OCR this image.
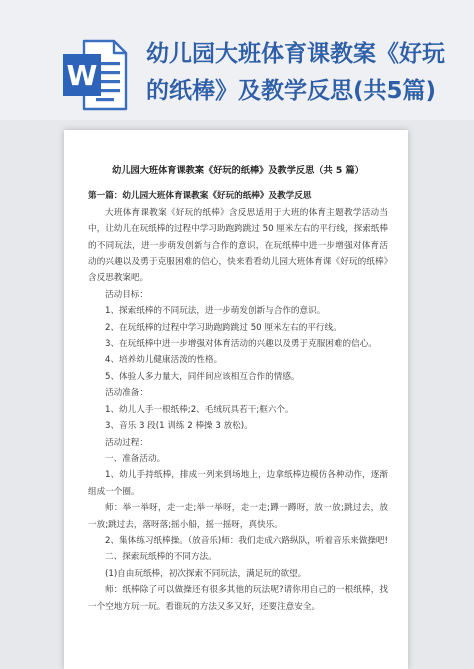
W
幼儿园大班体育课教案《好玩
的纸棒》及教学反思(共5篇)

幼儿园大班体育课教案《好玩的纸棒》及教学反思（共 5 篇）

第一篇：幼儿园大班体育课教案《好玩的纸棒》及教学反思

大班体育课教案《好玩的纸棒》含反思适用于大班的体育主题教学活动当中，让幼儿在玩纸棒的过程中学习助跑跨跳过 50 厘米左右的平行线，探索纸棒的不同玩法，进一步萌发创新与合作的意识，在玩纸棒中进一步增强对体育活动的兴趣以及勇于克服困难的信心，快来看看幼儿园大班体育课《好玩的纸棒》含反思教案吧。

活动目标：

1、探索纸棒的不同玩法，进一步萌发创新与合作的意识。

2、在玩纸棒的过程中学习助跑跨跳过 50 厘米左右的平行线。

3、在玩纸棒中进一步增强对体育活动的兴趣以及勇于克服困难的信心。

4、培养幼儿健康活泼的性格。

5、体验人多力量大，同伴间应该相互合作的情感。

活动准备：

1、幼儿人手一根纸棒;2、毛绒玩具若干;框六个。

3、音乐 3 段(1 训练 2 棒操 3 放松)。

活动过程：

一、准备活动。

1、幼儿手持纸棒，排成一列来到场地上，边拿纸棒边模仿各种动作，逐渐组成一个圈。

师：举一举呀，走一走;举一举呀，走一走;蹲一蹲呀，放一放;跳过去，放一放;跳过去，落呀落;摇小船，摇一摇呀，真快乐。

2、集体练习纸棒操。（放音乐)师：我们走成六路纵队，听着音乐来做操吧!

二、探索玩纸棒的不同方法。

(1)自由玩纸棒，初次探索不同玩法，满足玩的欲望。

师：纸棒除了可以做操还有很多其他的玩法呢?请你用自己的一根纸棒，找一个空地方玩一玩。看谁玩的方法又多又好，还要注意安全。
